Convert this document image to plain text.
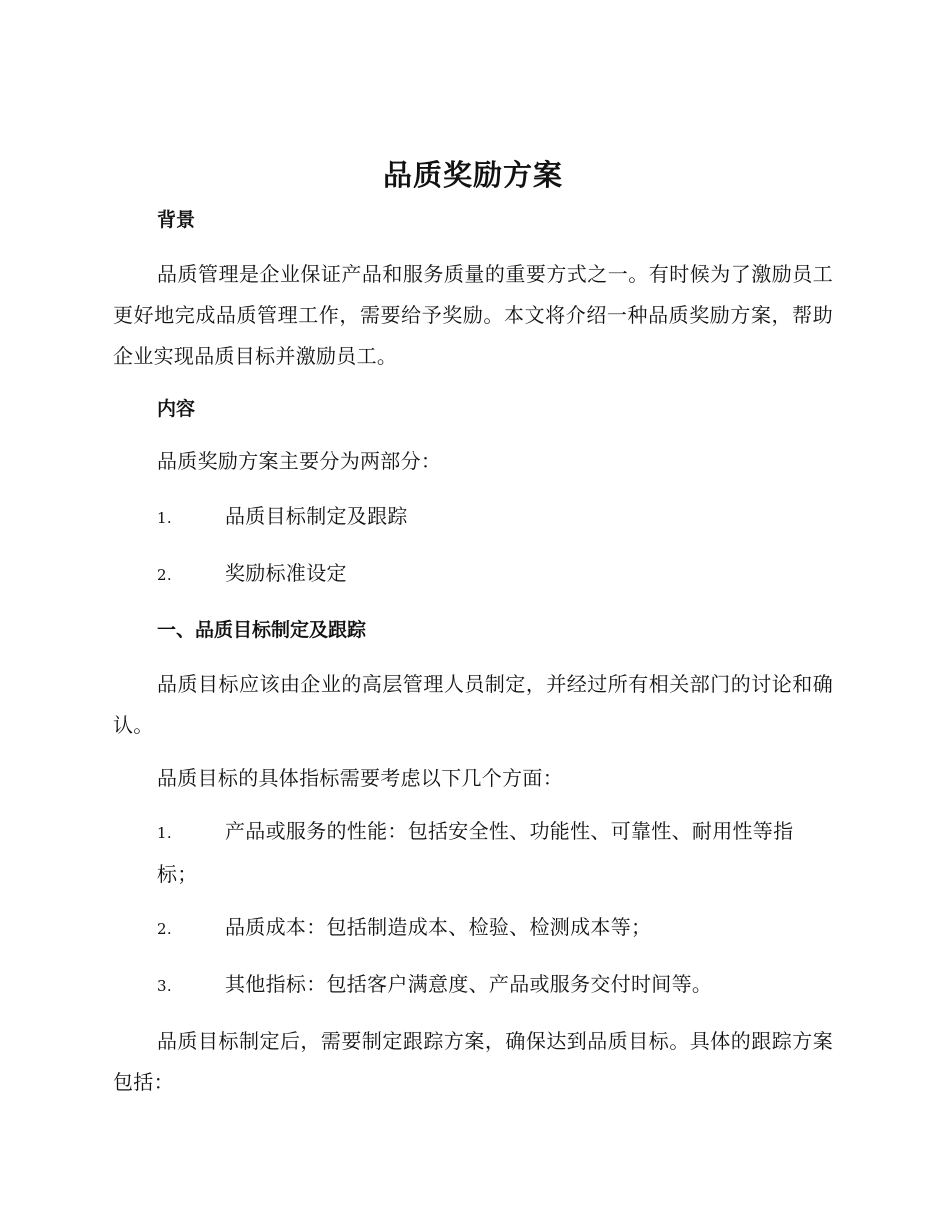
品质奖励方案

背景

品质管理是企业保证产品和服务质量的重要方式之一。有时候为了激励员工更好地完成品质管理工作，需要给予奖励。本文将介绍一种品质奖励方案，帮助企业实现品质目标并激励员工。

内容

品质奖励方案主要分为两部分：

1.	品质目标制定及跟踪

2.	奖励标准设定

一、品质目标制定及跟踪

品质目标应该由企业的高层管理人员制定，并经过所有相关部门的讨论和确认。

品质目标的具体指标需要考虑以下几个方面：

1.	产品或服务的性能：包括安全性、功能性、可靠性、耐用性等指标；

2.	品质成本：包括制造成本、检验、检测成本等；

3.	其他指标：包括客户满意度、产品或服务交付时间等。

品质目标制定后，需要制定跟踪方案，确保达到品质目标。具体的跟踪方案包括：
